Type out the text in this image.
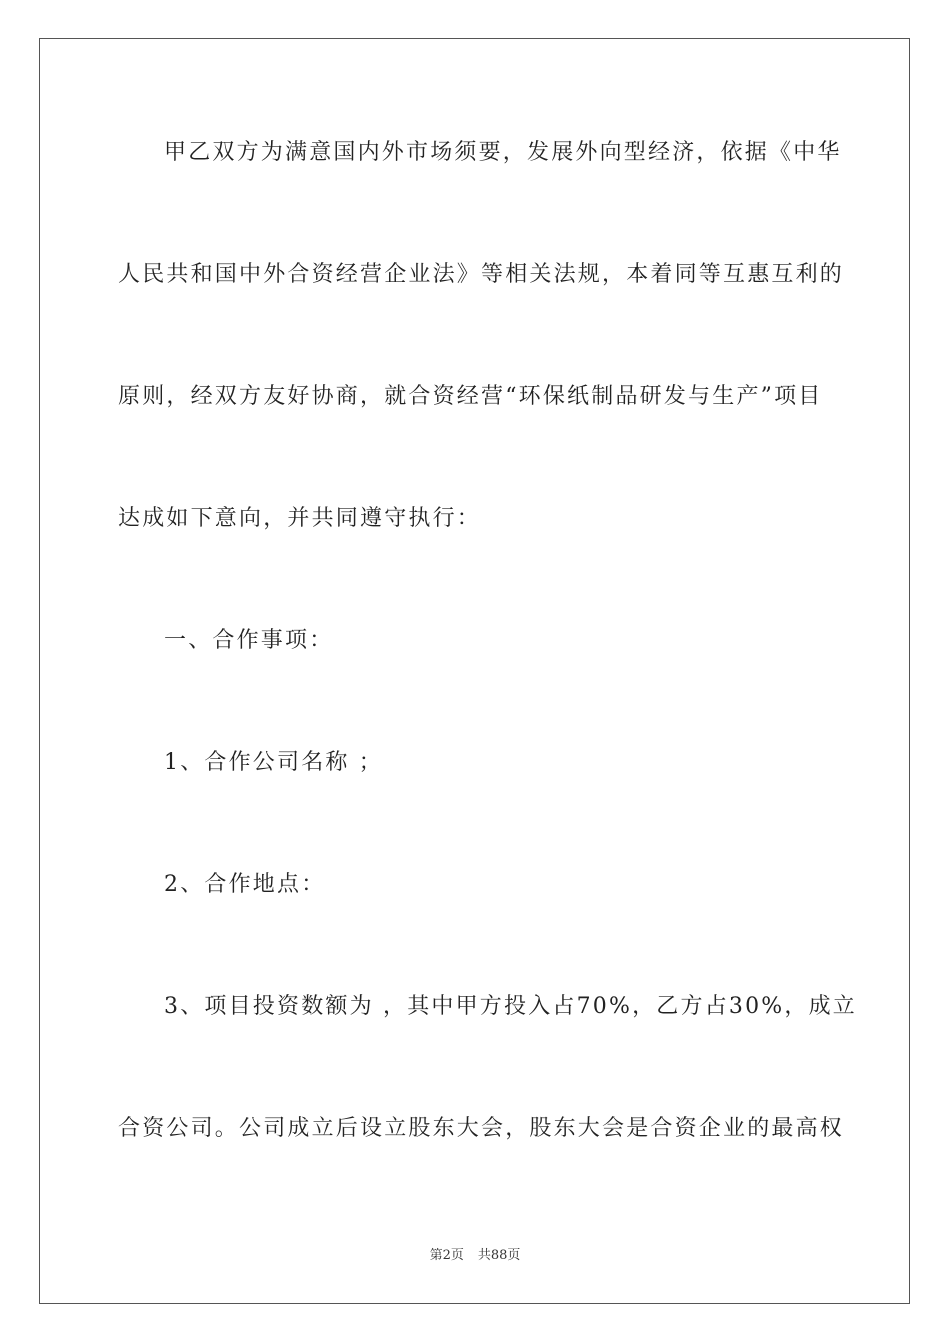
甲乙双方为满意国内外市场须要，发展外向型经济，依据《中华
人民共和国中外合资经营企业法》等相关法规，本着同等互惠互利的
原则，经双方友好协商，就合资经营“环保纸制品研发与生产”项目
达成如下意向，并共同遵守执行：
一、合作事项：
1、合作公司名称 ；
2、合作地点：
3、项目投资数额为 ，其中甲方投入占70%，乙方占30%，成立
合资公司。公司成立后设立股东大会，股东大会是合资企业的最高权
第2页 共88页
